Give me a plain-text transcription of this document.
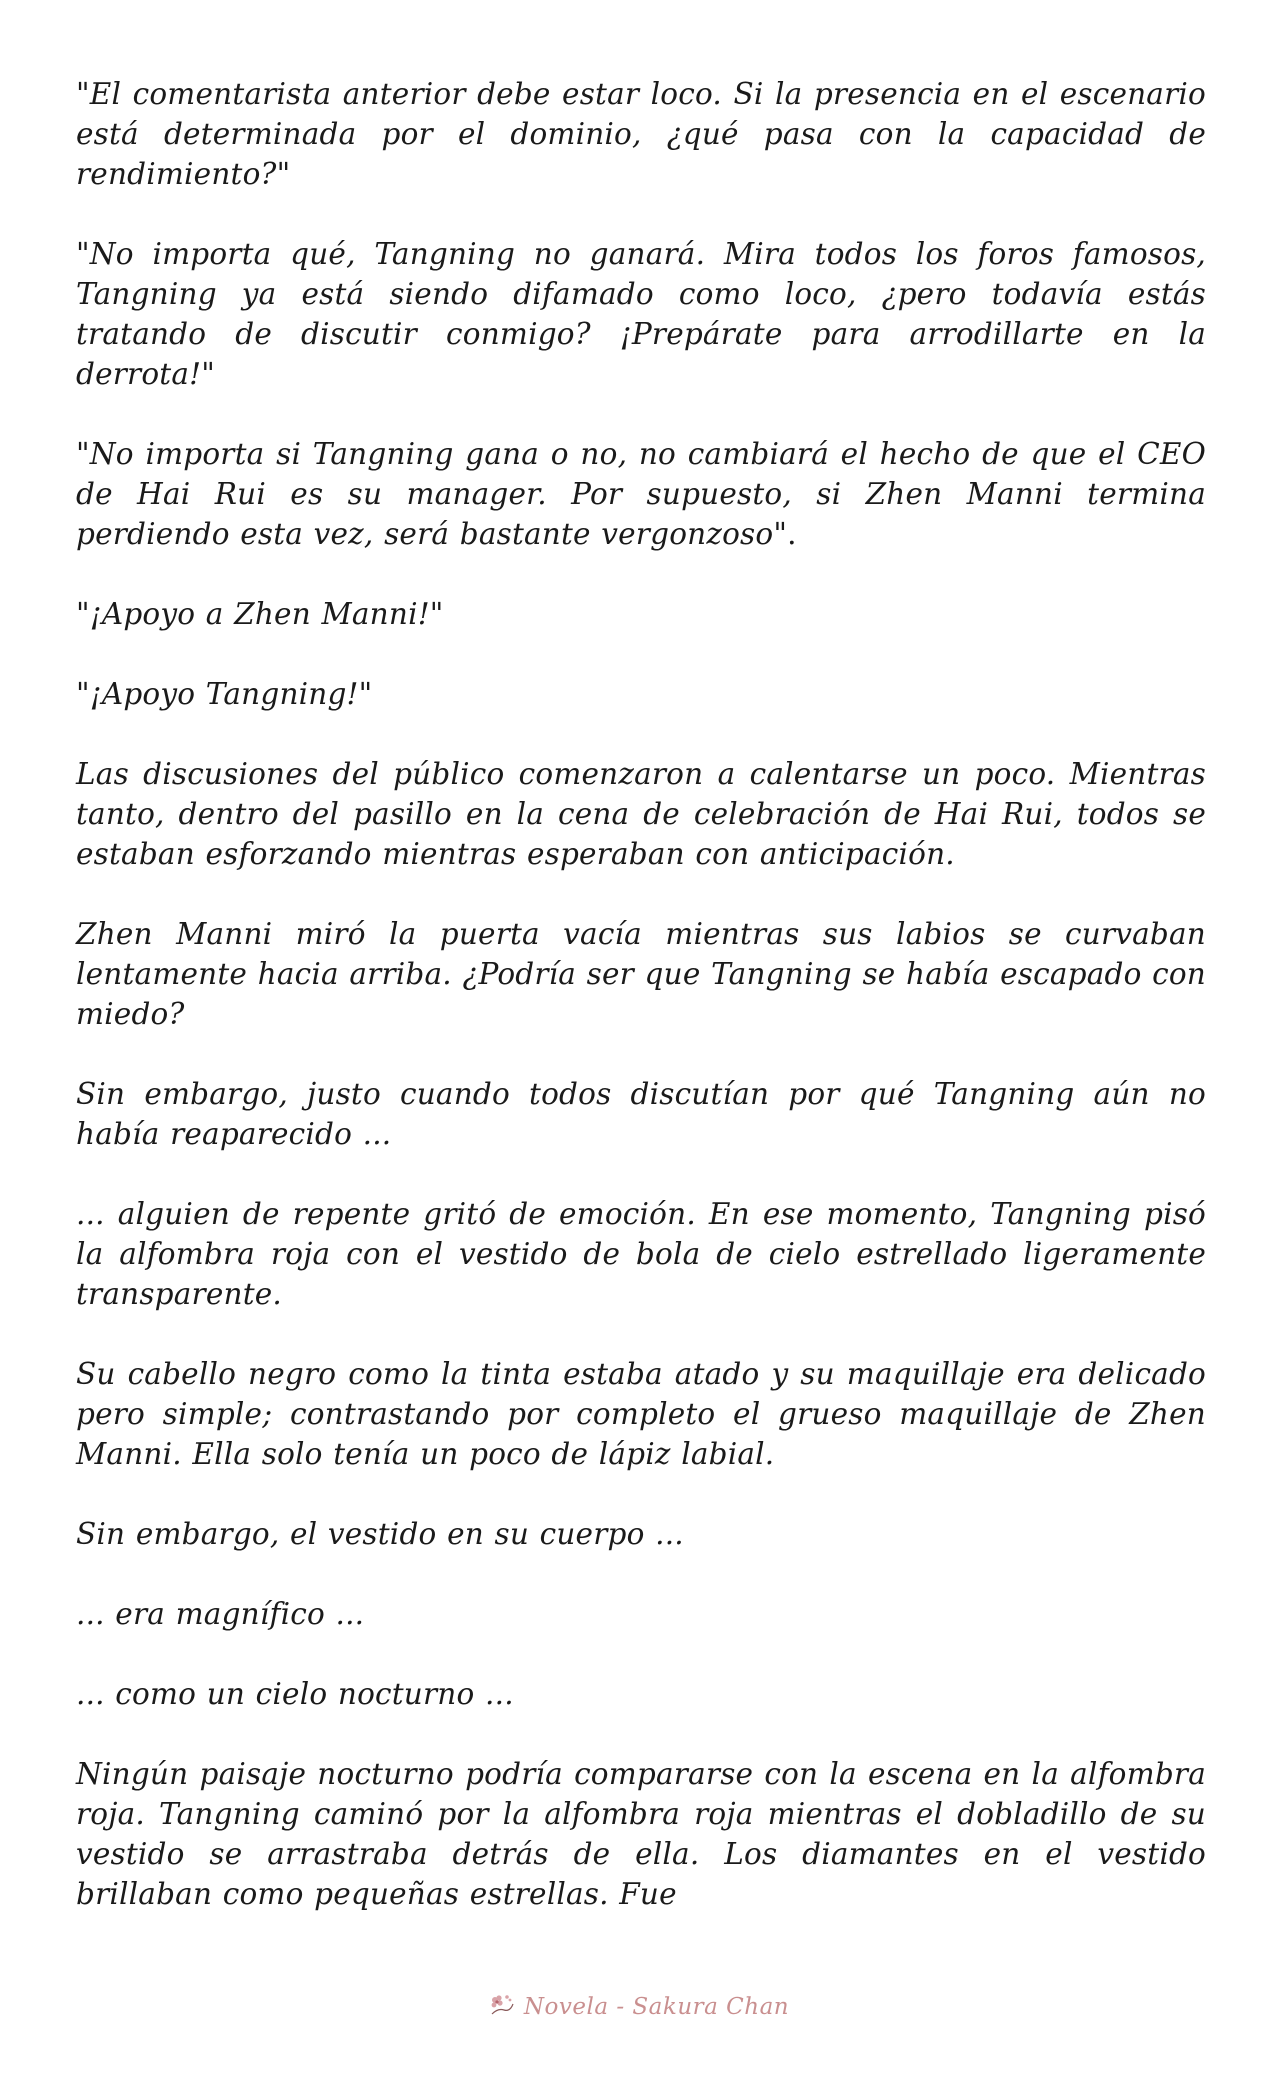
"El comentarista anterior debe estar loco. Si la presencia en el escenario está determinada por el dominio, ¿qué pasa con la capacidad de rendimiento?"

"No importa qué, Tangning no ganará. Mira todos los foros famosos, Tangning ya está siendo difamado como loco, ¿pero todavía estás tratando de discutir conmigo? ¡Prepárate para arrodillarte en la derrota!"

"No importa si Tangning gana o no, no cambiará el hecho de que el CEO de Hai Rui es su manager. Por supuesto, si Zhen Manni termina perdiendo esta vez, será bastante vergonzoso".

"¡Apoyo a Zhen Manni!"

"¡Apoyo Tangning!"

Las discusiones del público comenzaron a calentarse un poco. Mientras tanto, dentro del pasillo en la cena de celebración de Hai Rui, todos se estaban esforzando mientras esperaban con anticipación.

Zhen Manni miró la puerta vacía mientras sus labios se curvaban lentamente hacia arriba. ¿Podría ser que Tangning se había escapado con miedo?

Sin embargo, justo cuando todos discutían por qué Tangning aún no había reaparecido ...

... alguien de repente gritó de emoción. En ese momento, Tangning pisó la alfombra roja con el vestido de bola de cielo estrellado ligeramente transparente.

Su cabello negro como la tinta estaba atado y su maquillaje era delicado pero simple; contrastando por completo el grueso maquillaje de Zhen Manni. Ella solo tenía un poco de lápiz labial.

Sin embargo, el vestido en su cuerpo ...

... era magnífico ...

... como un cielo nocturno ...

Ningún paisaje nocturno podría compararse con la escena en la alfombra roja. Tangning caminó por la alfombra roja mientras el dobladillo de su vestido se arrastraba detrás de ella. Los diamantes en el vestido brillaban como pequeñas estrellas. Fue

Novela - Sakura Chan
